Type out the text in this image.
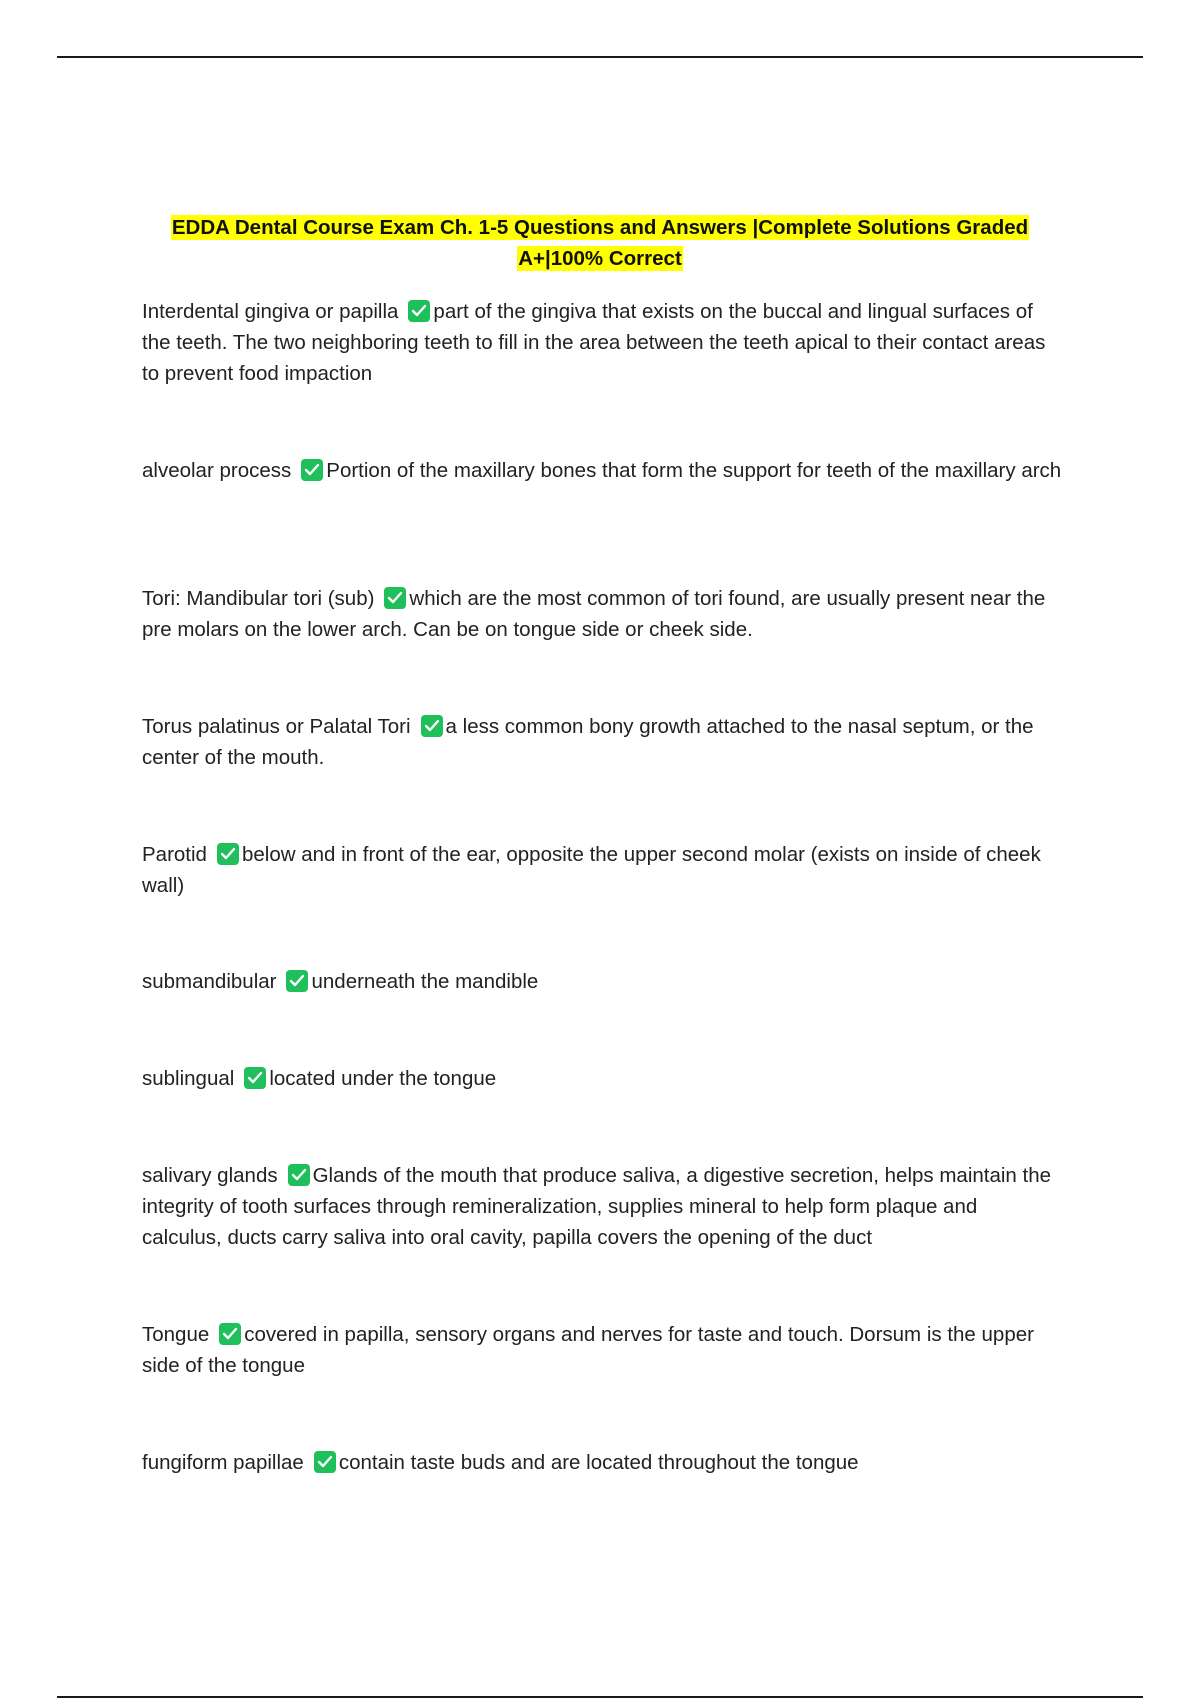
EDDA Dental Course Exam Ch. 1-5 Questions and Answers |Complete Solutions Graded
A+|100% Correct
Interdental gingiva or papilla part of the gingiva that exists on the buccal and lingual surfaces of the teeth. The two neighboring teeth to fill in the area between the teeth apical to their contact areas to prevent food impaction
alveolar process Portion of the maxillary bones that form the support for teeth of the maxillary arch
Tori: Mandibular tori (sub) which are the most common of tori found, are usually present near the pre molars on the lower arch. Can be on tongue side or cheek side.
Torus palatinus or Palatal Tori a less common bony growth attached to the nasal septum, or the center of the mouth.
Parotid below and in front of the ear, opposite the upper second molar (exists on inside of cheek wall)
submandibular underneath the mandible
sublingual located under the tongue
salivary glands Glands of the mouth that produce saliva, a digestive secretion, helps maintain the integrity of tooth surfaces through remineralization, supplies mineral to help form plaque and calculus, ducts carry saliva into oral cavity, papilla covers the opening of the duct
Tongue covered in papilla, sensory organs and nerves for taste and touch. Dorsum is the upper side of the tongue
fungiform papillae contain taste buds and are located throughout the tongue
